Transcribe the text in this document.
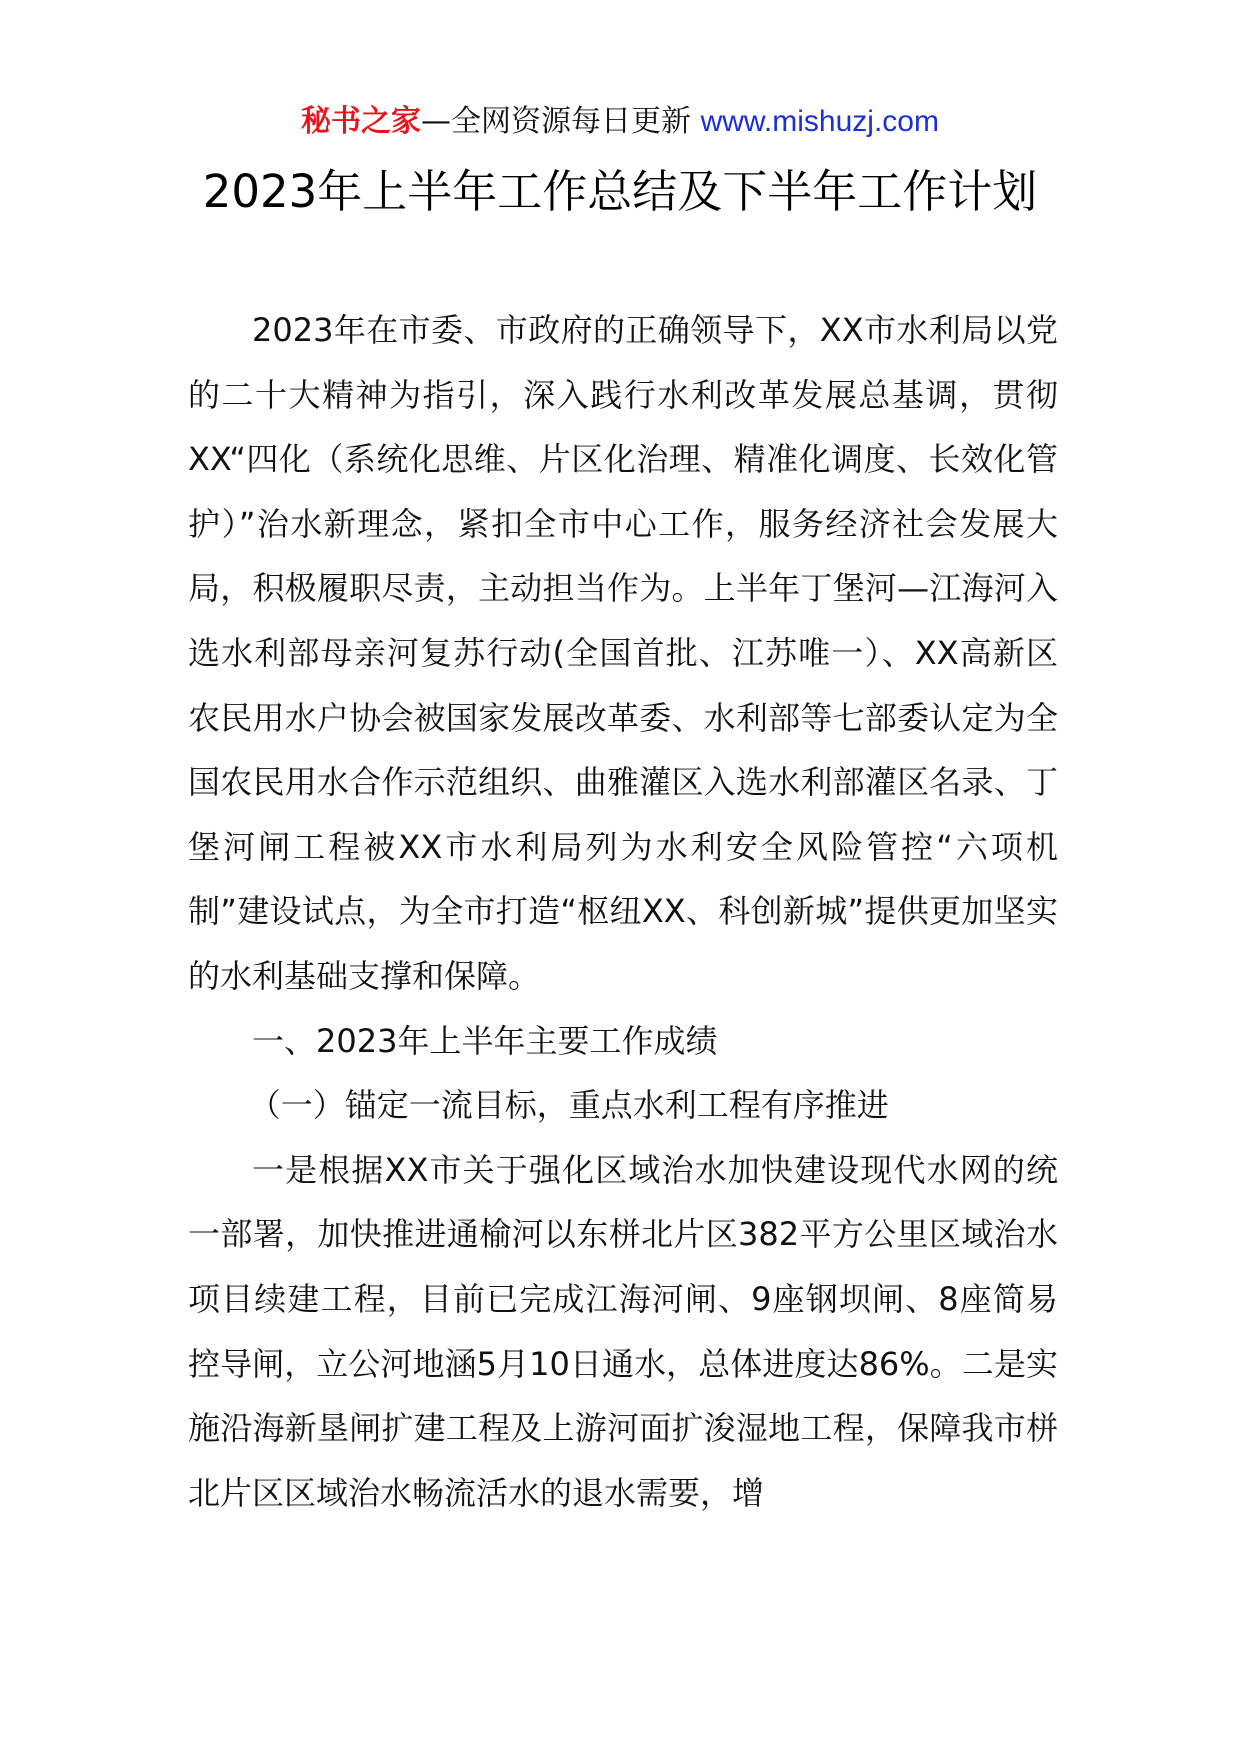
秘书之家—全网资源每日更新 www.mishuzj.com
2023年上半年工作总结及下半年工作计划

2023年在市委、市政府的正确领导下，XX市水利局以党的二十大精神为指引，深入践行水利改革发展总基调，贯彻XX“四化（系统化思维、片区化治理、精准化调度、长效化管护）”治水新理念，紧扣全市中心工作，服务经济社会发展大局，积极履职尽责，主动担当作为。上半年丁堡河—江海河入选水利部母亲河复苏行动(全国首批、江苏唯一）、XX高新区农民用水户协会被国家发展改革委、水利部等七部委认定为全国农民用水合作示范组织、曲雅灌区入选水利部灌区名录、丁堡河闸工程被XX市水利局列为水利安全风险管控“六项机制”建设试点，为全市打造“枢纽XX、科创新城”提供更加坚实的水利基础支撑和保障。

一、2023年上半年主要工作成绩

（一）锚定一流目标，重点水利工程有序推进

一是根据XX市关于强化区域治水加快建设现代水网的统一部署，加快推进通榆河以东栟北片区382平方公里区域治水项目续建工程，目前已完成江海河闸、9座钢坝闸、8座简易控导闸，立公河地涵5月10日通水，总体进度达86%。二是实施沿海新垦闸扩建工程及上游河面扩浚湿地工程，保障我市栟北片区区域治水畅流活水的退水需要，增
